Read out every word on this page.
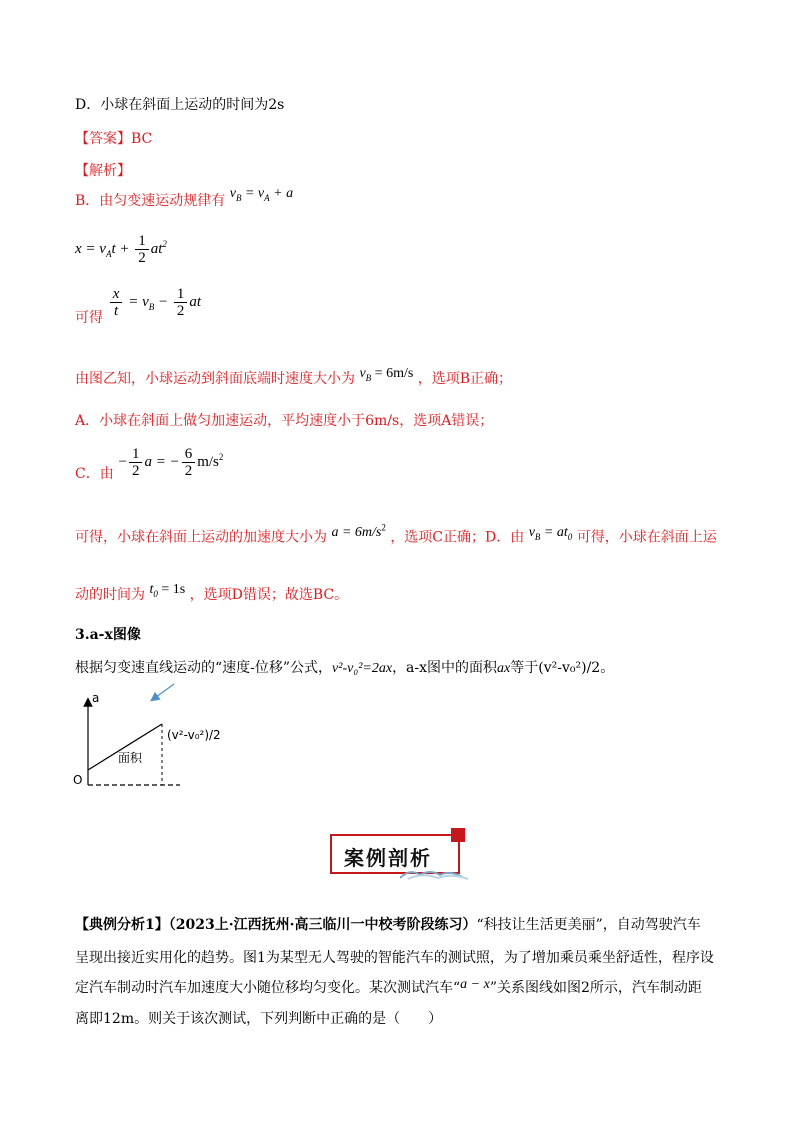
D．小球在斜面上运动的时间为2s
【答案】BC
【解析】
B．由匀变速运动规律有 $v_B = v_A + a$
$x = v_At + \frac{1}{2} at^2$
可得 $\frac{x}{t} = v_B - \frac{1}{2}$ at
由图乙知，小球运动到斜面底端时速度大小为 $v_B = 6m/s$ ，选项B正确；
A．小球在斜面上做匀加速运动，平均速度小于6m/s，选项A错误；
C．由 − $\frac{1}{2}$ a = − $\frac{6}{2} m/s^2$
可得，小球在斜面上运动的加速度大小为 $a = 6m/s^2$ ，选项C正确；D．由 $v_B = at_0$ 可得，小球在斜面上运
动的时间为 $t_0 = 1s$ ，选项D错误；故选BC。
3.a-x图像
根据匀变速直线运动的“速度-位移”公式，v²-v₀²=2ax，a-x图中的面积ax等于(v²-v₀²)/2。
a
O
面积
(v²-v₀²)/2
案例剖析
【典例分析1】（2023上·江西抚州·高三临川一中校考阶段练习）“科技让生活更美丽”，自动驾驶汽车
呈现出接近实用化的趋势。图1为某型无人驾驶的智能汽车的测试照，为了增加乘员乘坐舒适性，程序设
定汽车制动时汽车加速度大小随位移均匀变化。某次测试汽车“a − x”关系图线如图2所示，汽车制动距
离即12m。则关于该次测试，下列判断中正确的是（　　）
